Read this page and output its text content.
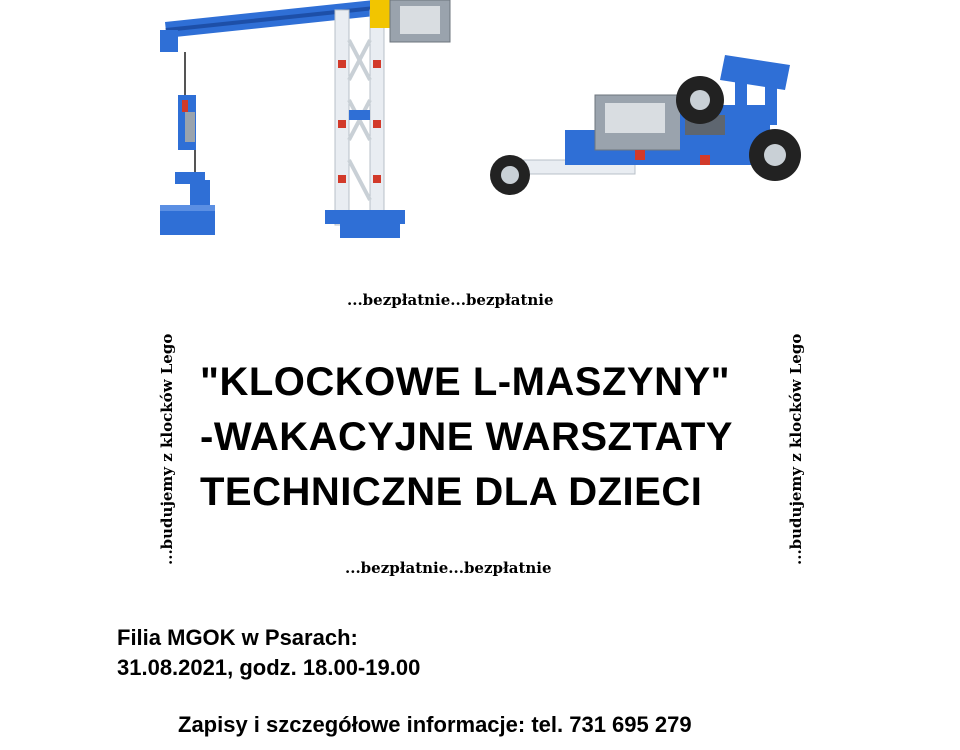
...bezpłatnie...bezpłatnie
...bezpłatnie...bezpłatnie
...budujemy z klocków Lego	...budujemy z klocków Lego
"KLOCKOWE L-MASZYNY"
-WAKACYJNE WARSZTATY
TECHNICZNE DLA DZIECI
Filia MGOK w Psarach:
31.08.2021, godz. 18.00-19.00
Zapisy i szczegółowe informacje: tel. 731 695 279
